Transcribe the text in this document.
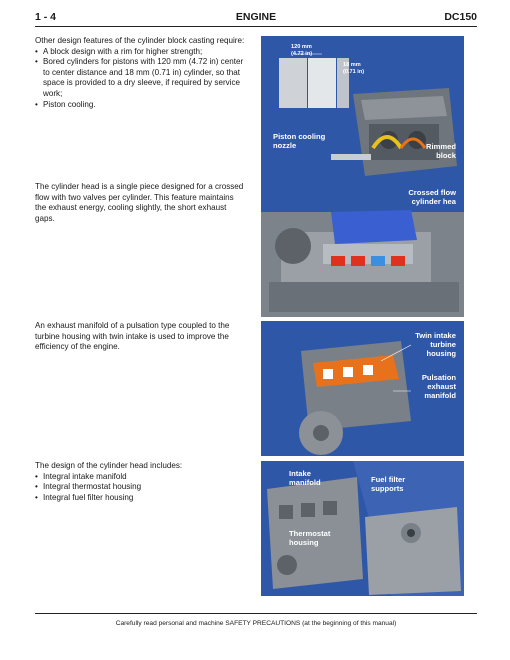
1 - 4	ENGINE	DC150

Other design features of the cylinder block casting require:

• A block design with a rim for higher strength;
• Bored cylinders for pistons with 120 mm (4.72 in) center to center distance and 18 mm (0.71 in) cylinder, so that space is provided to a dry sleeve, if required by service work;
• Piston cooling.
120 mm
(4.72 in)
18 mm
(0.71 in)
Piston cooling
nozzle	Rimmed
block

The cylinder head is a single piece designed for a crossed flow with two valves per cylinder. This feature maintains the exhaust energy, cooling slightly, the short exhaust gaps.

Crossed flow
cylinder hea

An exhaust manifold of a pulsation type coupled to the turbine housing with twin intake is used to improve the efficiency of the engine.

Twin intake
turbine
housing
Pulsation
exhaust
manifold

The design of the cylinder head includes:

• Integral intake manifold
• Integral thermostat housing
• Integral fuel filter housing
Intake
manifold	Fuel filter
supports
Thermostat
housing
Carefully read personal and machine SAFETY PRECAUTIONS (at the beginning of this manual)
